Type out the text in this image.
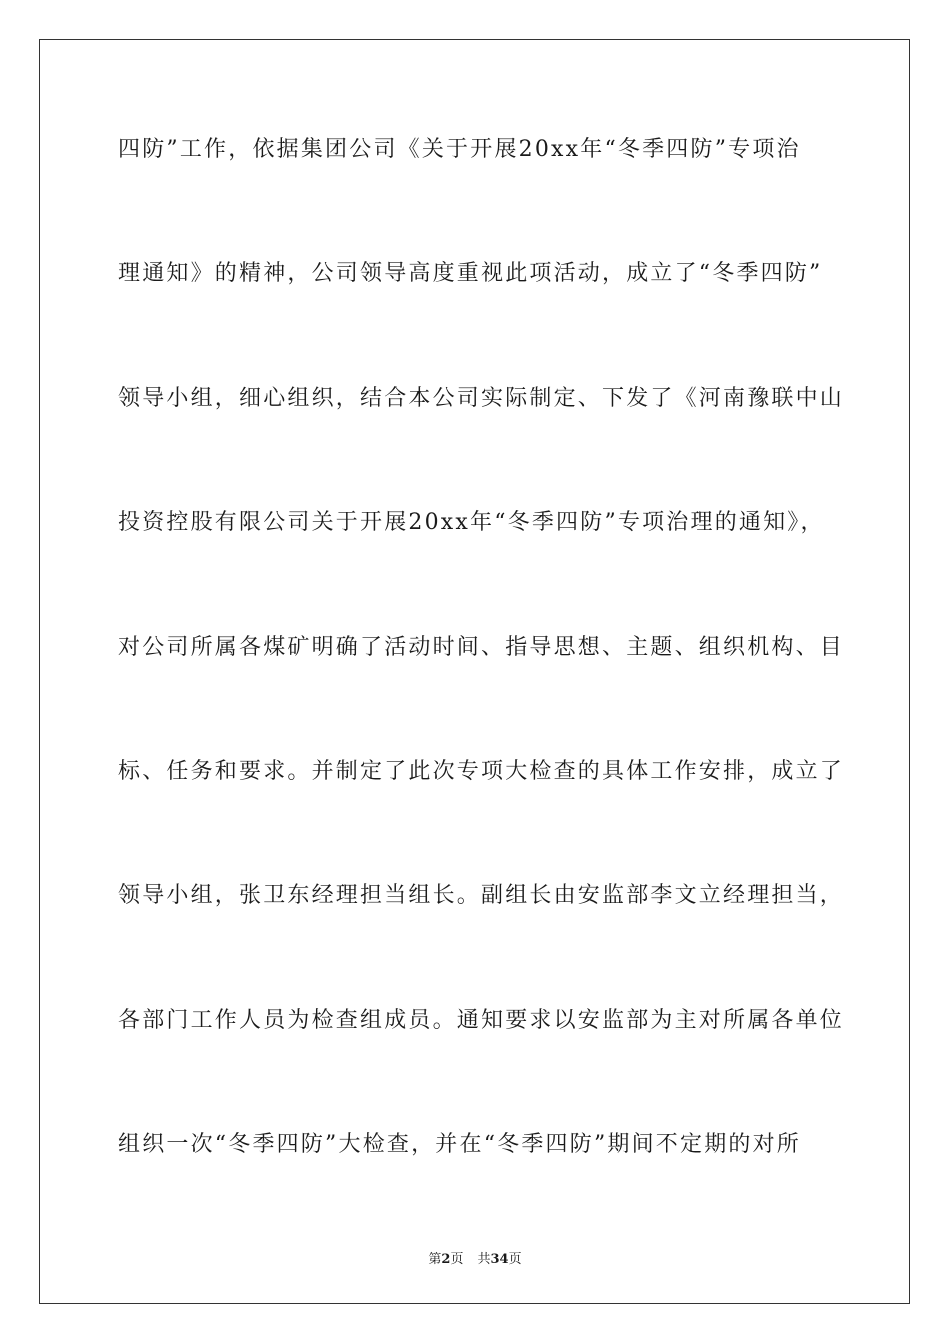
四防”工作，依据集团公司《关于开展20xx年“冬季四防”专项治
理通知》的精神，公司领导高度重视此项活动，成立了“冬季四防”
领导小组，细心组织，结合本公司实际制定、下发了《河南豫联中山
投资控股有限公司关于开展20xx年“冬季四防”专项治理的通知》，
对公司所属各煤矿明确了活动时间、指导思想、主题、组织机构、目
标、任务和要求。并制定了此次专项大检查的具体工作安排，成立了
领导小组，张卫东经理担当组长。副组长由安监部李文立经理担当，
各部门工作人员为检查组成员。通知要求以安监部为主对所属各单位
组织一次“冬季四防”大检查，并在“冬季四防”期间不定期的对所
第2页 共34页
